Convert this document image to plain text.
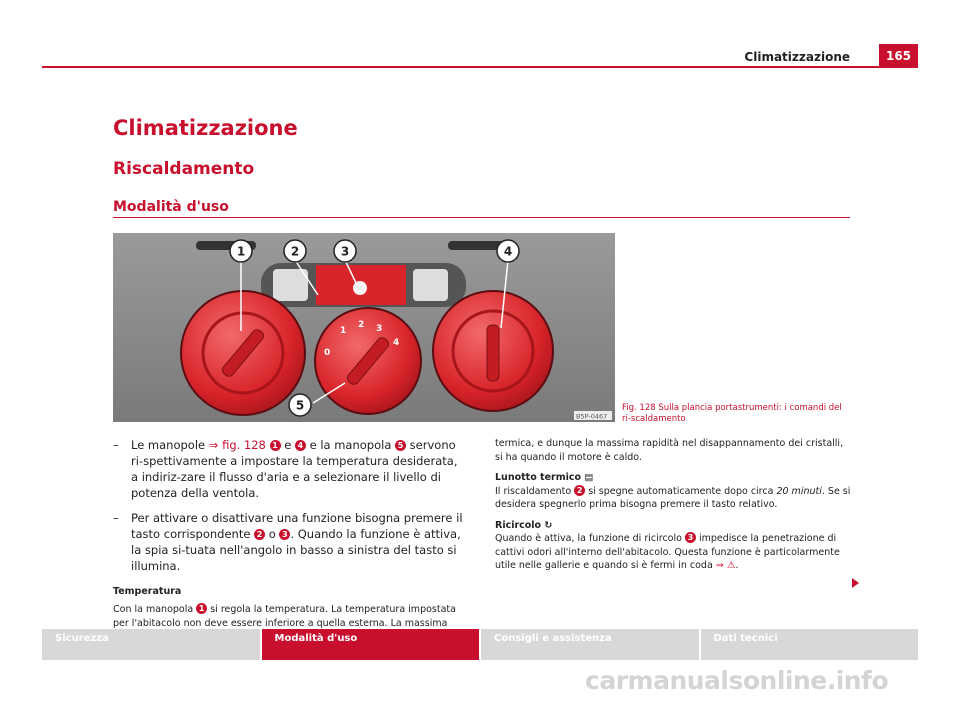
Climatizzazione	165
Climatizzazione
Riscaldamento
Modalità d'uso
0
1
2 3
4
1	2	3	4
5
B5P-0467
Fig. 128 Sulla plancia portastrumenti: i comandi del ri-scaldamento

– Le manopole ⇒ fig. 128 1 e 4 e la manopola 5 servono ri-spettivamente a impostare la temperatura desiderata, a indiriz-zare il flusso d'aria e a selezionare il livello di potenza della ventola.

– Per attivare o disattivare una funzione bisogna premere il tasto corrispondente 2 o 3 . Quando la funzione è attiva, la spia si-tuata nell'angolo in basso a sinistra del tasto si illumina.

Temperatura

Con la manopola 1 si regola la temperatura. La temperatura impostata per l'abitacolo non deve essere inferiore a quella esterna. La massima

termica, e dunque la massima rapidità nel disappannamento dei cristalli, si ha quando il motore è caldo.

Lunotto termico ▤

Il riscaldamento 2 si spegne automaticamente dopo circa 20 minuti. Se si desidera spegnerlo prima bisogna premere il tasto relativo.

Ricircolo ↻

Quando è attiva, la funzione di ricircolo 3 impedisce la penetrazione di cattivi odori all'interno dell'abitacolo. Questa funzione è particolarmente utile nelle gallerie e quando si è fermi in coda ⇒ ⚠.

Sicurezza	Modalità d'uso	Consigli e assistenza	Dati tecnici
carmanualsonline.info
